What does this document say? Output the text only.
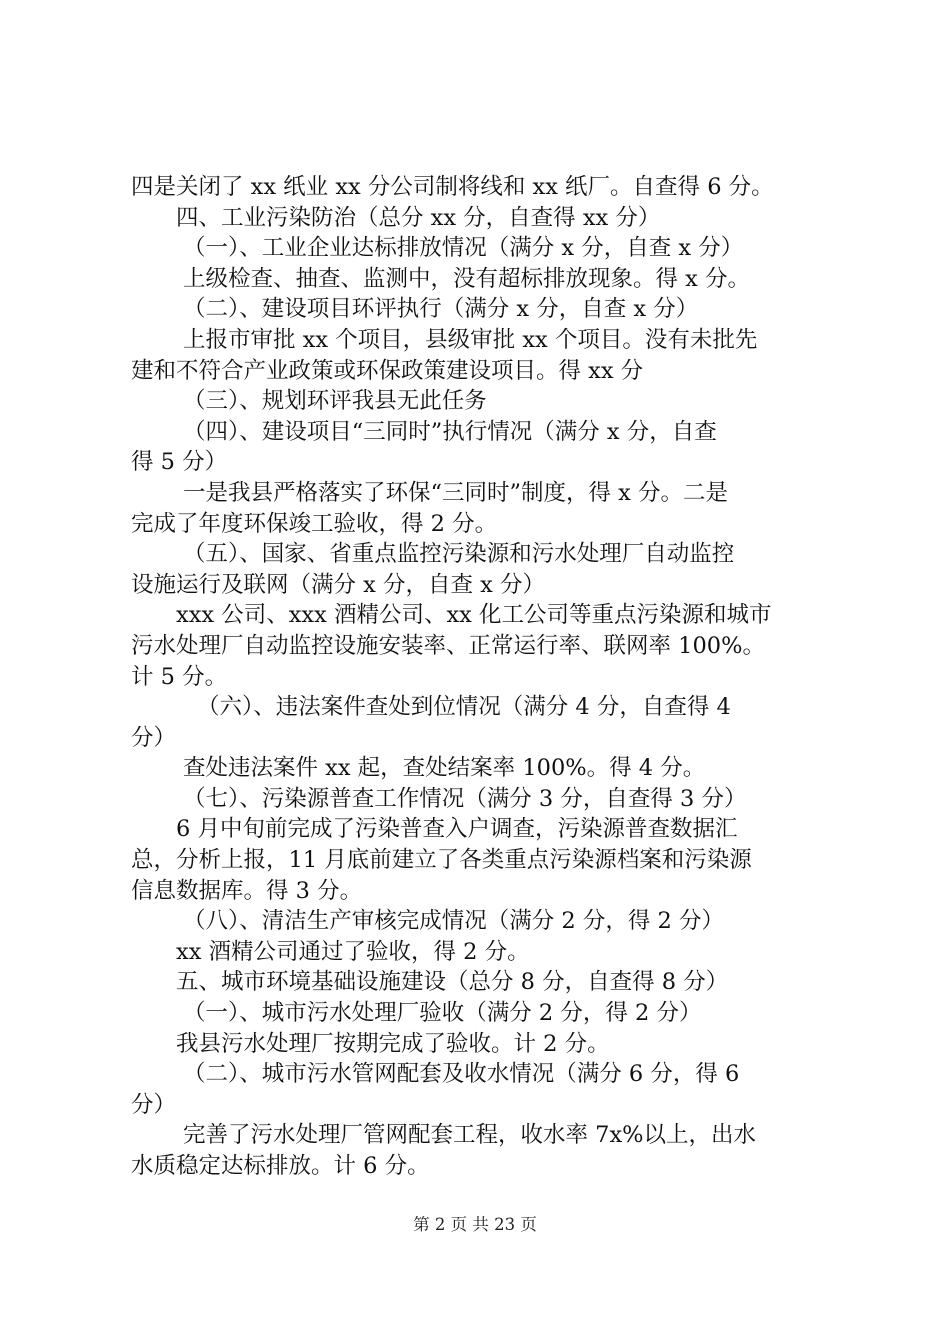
四是关闭了 xx 纸业 xx 分公司制将线和 xx 纸厂。自查得 6 分。
四、工业污染防治（总分 xx 分，自查得 xx 分）
（一）、工业企业达标排放情况（满分 x 分，自查 x 分）
上级检查、抽查、监测中，没有超标排放现象。得 x 分。
（二）、建设项目环评执行（满分 x 分，自查 x 分）
上报市审批 xx 个项目，县级审批 xx 个项目。没有未批先
建和不符合产业政策或环保政策建设项目。得 xx 分
（三）、规划环评我县无此任务
（四）、建设项目“三同时”执行情况（满分 x 分，自查
得 5 分）
一是我县严格落实了环保“三同时”制度，得 x 分。二是
完成了年度环保竣工验收，得 2 分。
（五）、国家、省重点监控污染源和污水处理厂自动监控
设施运行及联网（满分 x 分，自查 x 分）
xxx 公司、xxx 酒精公司、xx 化工公司等重点污染源和城市
污水处理厂自动监控设施安装率、正常运行率、联网率 100%。
计 5 分。
（六）、违法案件查处到位情况（满分 4 分，自查得 4
分）
查处违法案件 xx 起，查处结案率 100%。得 4 分。
（七）、污染源普查工作情况（满分 3 分，自查得 3 分）
6 月中旬前完成了污染普查入户调查，污染源普查数据汇
总，分析上报，11 月底前建立了各类重点污染源档案和污染源
信息数据库。得 3 分。
（八）、清洁生产审核完成情况（满分 2 分，得 2 分）
xx 酒精公司通过了验收，得 2 分。
五、城市环境基础设施建设（总分 8 分，自查得 8 分）
（一）、城市污水处理厂验收（满分 2 分，得 2 分）
我县污水处理厂按期完成了验收。计 2 分。
（二）、城市污水管网配套及收水情况（满分 6 分，得 6
分）
完善了污水处理厂管网配套工程，收水率 7x%以上，出水
水质稳定达标排放。计 6 分。
第 2 页 共 23 页
